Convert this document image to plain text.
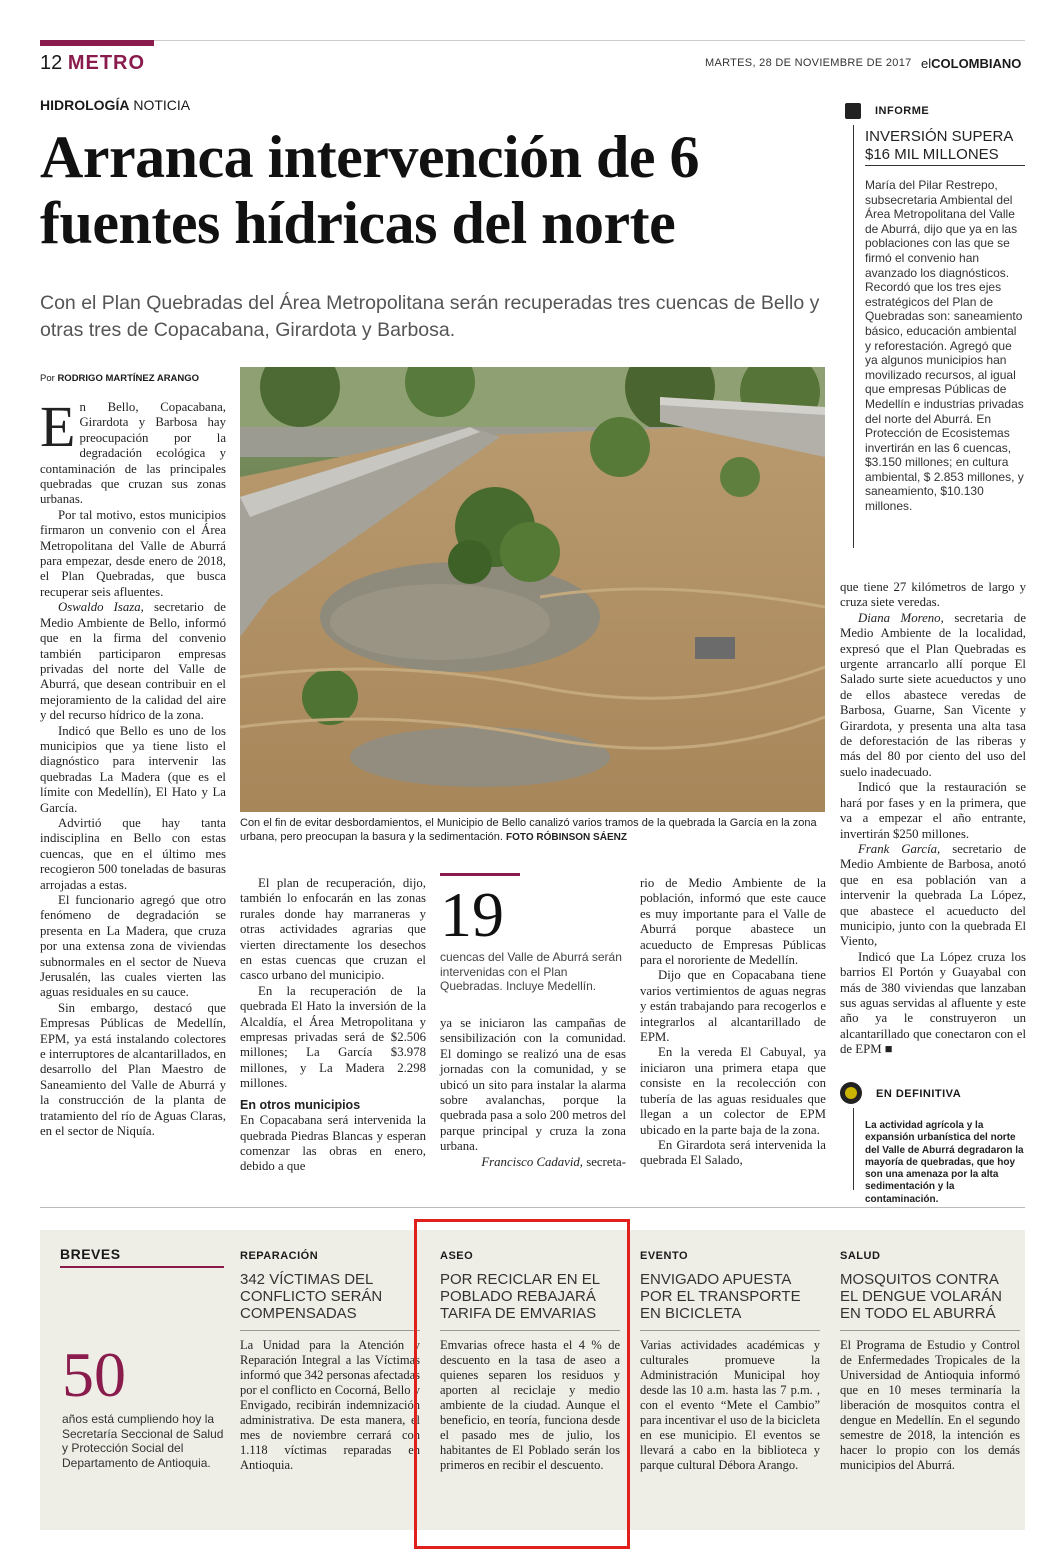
12 METRO	MARTES, 28 DE NOVIEMBRE DE 2017 elCOLOMBIANO
HIDROLOGÍA NOTICIA
Arranca intervención de 6 fuentes hídricas del norte
Con el Plan Quebradas del Área Metropolitana serán recuperadas tres cuencas de Bello y otras tres de Copacabana, Girardota y Barbosa.
Por RODRIGO MARTÍNEZ ARANGO

En Bello, Copacabana, Girardota y Barbosa hay preocupación por la degradación ecológica y contaminación de las principales quebradas que cruzan sus zonas urbanas.

Por tal motivo, estos municipios firmaron un convenio con el Área Metropolitana del Valle de Aburrá para empezar, desde enero de 2018, el Plan Quebradas, que busca recuperar seis afluentes.

Oswaldo Isaza, secretario de Medio Ambiente de Bello, informó que en la firma del convenio también participaron empresas privadas del norte del Valle de Aburrá, que desean contribuir en el mejoramiento de la calidad del aire y del recurso hídrico de la zona.

Indicó que Bello es uno de los municipios que ya tiene listo el diagnóstico para intervenir las quebradas La Madera (que es el límite con Medellín), El Hato y La García.

Advirtió que hay tanta indisciplina en Bello con estas cuencas, que en el último mes recogieron 500 toneladas de basuras arrojadas a estas.

El funcionario agregó que otro fenómeno de degradación se presenta en La Madera, que cruza por una extensa zona de viviendas subnormales en el sector de Nueva Jerusalén, las cuales vierten las aguas residuales en su cauce.

Sin embargo, destacó que Empresas Públicas de Medellín, EPM, ya está instalando colectores e interruptores de alcantarillados, en desarrollo del Plan Maestro de Saneamiento del Valle de Aburrá y la construcción de la planta de tratamiento del río de Aguas Claras, en el sector de Niquía.

Con el fin de evitar desbordamientos, el Municipio de Bello canalizó varios tramos de la quebrada la García en la zona urbana, pero preocupan la basura y la sedimentación. FOTO RÓBINSON SÁENZ

El plan de recuperación, dijo, también lo enfocarán en las zonas rurales donde hay marraneras y otras actividades agrarias que vierten directamente los desechos en estas cuencas que cruzan el casco urbano del municipio.

En la recuperación de la quebrada El Hato la inversión de la Alcaldía, el Área Metropolitana y empresas privadas será de $2.506 millones; La García $3.978 millones, y La Madera 2.298 millones.

En otros municipios

En Copacabana será intervenida la quebrada Piedras Blancas y esperan comenzar las obras en enero, debido a que

19
cuencas del Valle de Aburrá serán intervenidas con el Plan Quebradas. Incluye Medellín.

ya se iniciaron las campañas de sensibilización con la comunidad. El domingo se realizó una de esas jornadas con la comunidad, y se ubicó un sito para instalar la alarma sobre avalanchas, porque la quebrada pasa a solo 200 metros del parque principal y cruza la zona urbana.

Francisco Cadavid, secreta-

rio de Medio Ambiente de la población, informó que este cauce es muy importante para el Valle de Aburrá porque abastece un acueducto de Empresas Públicas para el nororiente de Medellín.

Dijo que en Copacabana tiene varios vertimientos de aguas negras y están trabajando para recogerlos e integrarlos al alcantarillado de EPM.

En la vereda El Cabuyal, ya iniciaron una primera etapa que consiste en la recolección con tubería de las aguas residuales que llegan a un colector de EPM ubicado en la parte baja de la zona.

En Girardota será intervenida la quebrada El Salado,

que tiene 27 kilómetros de largo y cruza siete veredas.

Diana Moreno, secretaria de Medio Ambiente de la localidad, expresó que el Plan Quebradas es urgente arrancarlo allí porque El Salado surte siete acueductos y uno de ellos abastece veredas de Barbosa, Guarne, San Vicente y Girardota, y presenta una alta tasa de deforestación de las riberas y más del 80 por ciento del uso del suelo inadecuado.

Indicó que la restauración se hará por fases y en la primera, que va a empezar el año entrante, invertirán $250 millones.

Frank García, secretario de Medio Ambiente de Barbosa, anotó que en esa población van a intervenir la quebrada La López, que abastece el acueducto del municipio, junto con la quebrada El Viento,

Indicó que La López cruza los barrios El Portón y Guayabal con más de 380 viviendas que lanzaban sus aguas servidas al afluente y este año ya le construyeron un alcantarillado que conectaron con el de EPM ■

INFORME
INVERSIÓN SUPERA $16 MIL MILLONES
María del Pilar Restrepo, subsecretaria Ambiental del Área Metropolitana del Valle de Aburrá, dijo que ya en las poblaciones con las que se firmó el convenio han avanzado los diagnósticos. Recordó que los tres ejes estratégicos del Plan de Quebradas son: saneamiento básico, educación ambiental y reforestación. Agregó que ya algunos municipios han movilizado recursos, al igual que empresas Públicas de Medellín e industrias privadas del norte del Aburrá. En Protección de Ecosistemas invertirán en las 6 cuencas, $3.150 millones; en cultura ambiental, $ 2.853 millones, y saneamiento, $10.130 millones.
EN DEFINITIVA
La actividad agrícola y la expansión urbanística del norte del Valle de Aburrá degradaron la mayoría de quebradas, que hoy son una amenaza por la alta sedimentación y la contaminación.
BREVES
50
años está cumpliendo hoy la Secretaría Seccional de Salud y Protección Social del Departamento de Antioquia.
REPARACIÓN
342 VÍCTIMAS DEL CONFLICTO SERÁN COMPENSADAS
La Unidad para la Atención y Reparación Integral a las Víctimas informó que 342 personas afectadas por el conflicto en Cocorná, Bello y Envigado, recibirán indemnización administrativa. De esta manera, el mes de noviembre cerrará con 1.118 víctimas reparadas en Antioquia.
ASEO
POR RECICLAR EN EL POBLADO REBAJARÁ TARIFA DE EMVARIAS
Emvarias ofrece hasta el 4 % de descuento en la tasa de aseo a quienes separen los residuos y aporten al reciclaje y medio ambiente de la ciudad. Aunque el beneficio, en teoría, funciona desde el pasado mes de julio, los habitantes de El Poblado serán los primeros en recibir el descuento.
EVENTO
ENVIGADO APUESTA POR EL TRANSPORTE EN BICICLETA
Varias actividades académicas y culturales promueve la Administración Municipal hoy desde las 10 a.m. hasta las 7 p.m. , con el evento “Mete el Cambio” para incentivar el uso de la bicicleta en ese municipio. El eventos se llevará a cabo en la biblioteca y parque cultural Débora Arango.
SALUD
MOSQUITOS CONTRA EL DENGUE VOLARÁN EN TODO EL ABURRÁ
El Programa de Estudio y Control de Enfermedades Tropicales de la Universidad de Antioquia informó que en 10 meses terminaría la liberación de mosquitos contra el dengue en Medellín. En el segundo semestre de 2018, la intención es hacer lo propio con los demás municipios del Aburrá.
